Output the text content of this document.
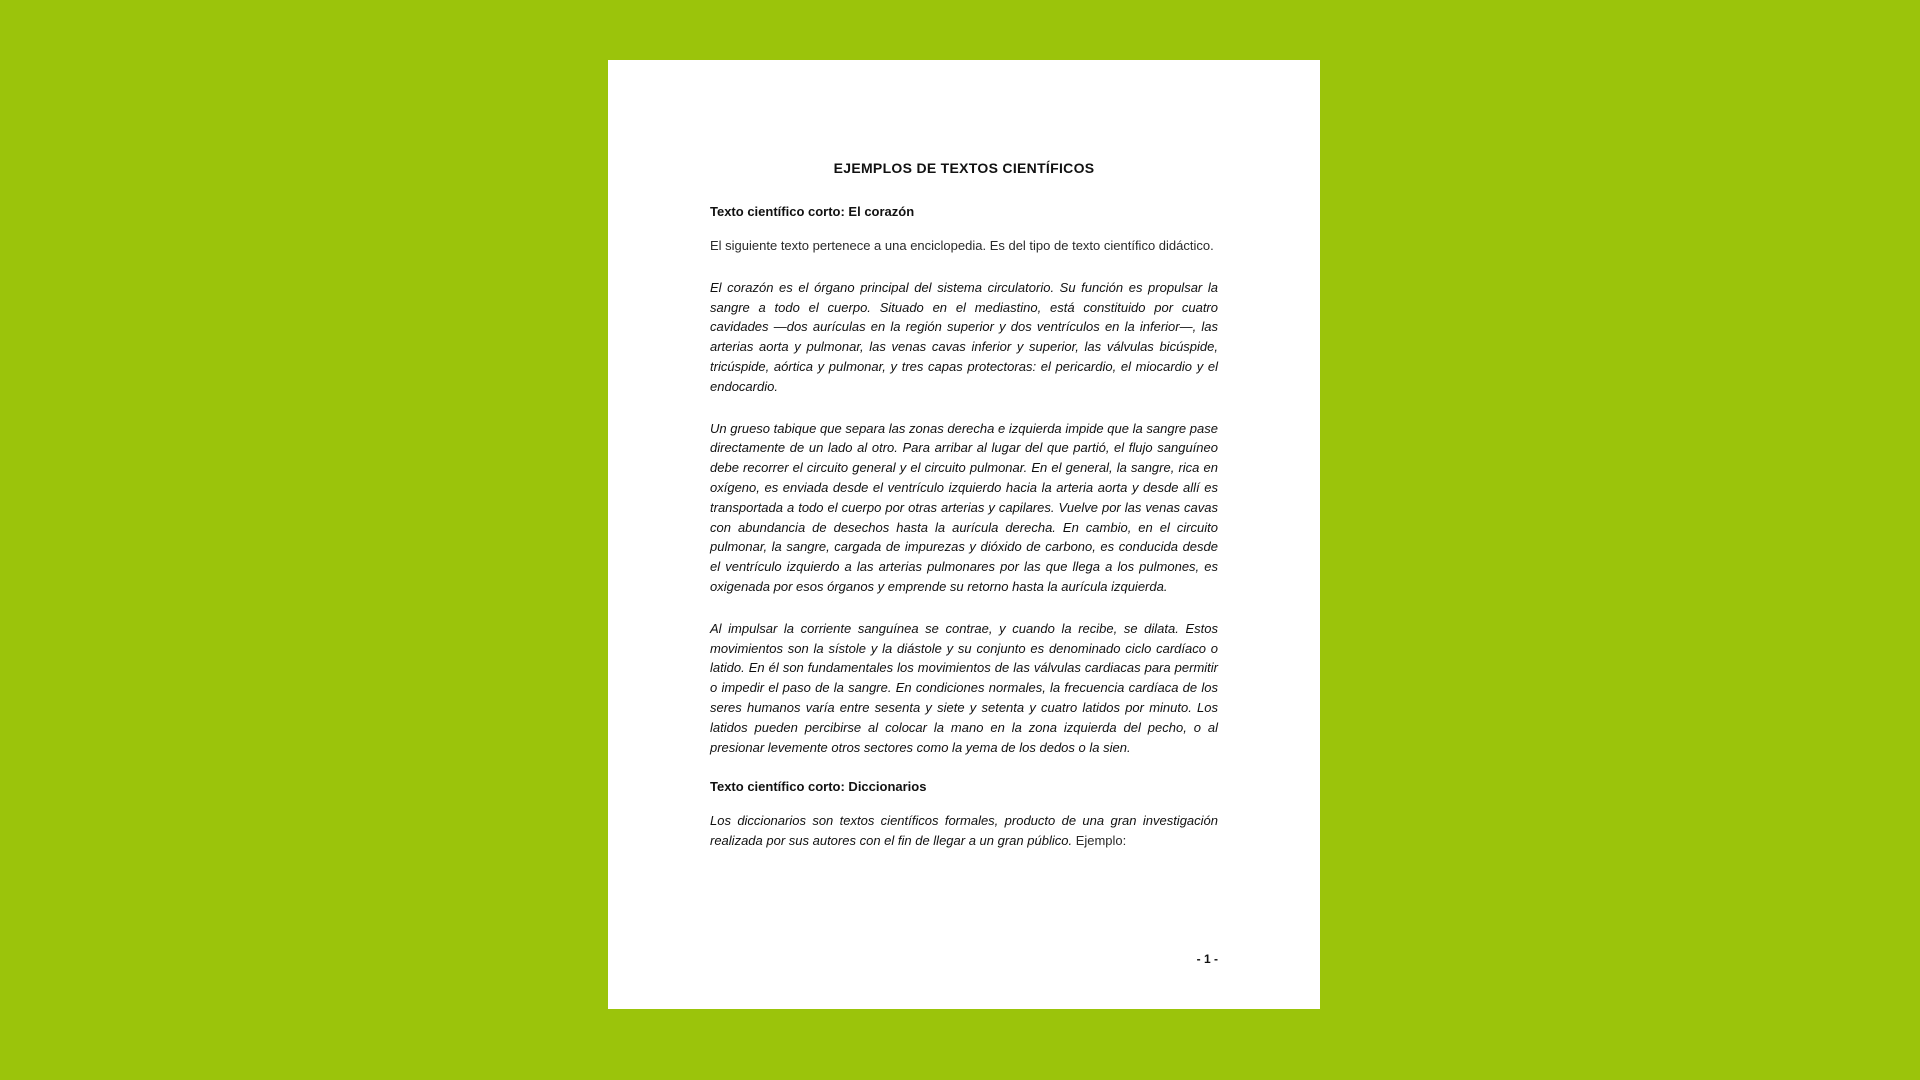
EJEMPLOS DE TEXTOS CIENTÍFICOS
Texto científico corto: El corazón

El siguiente texto pertenece a una enciclopedia. Es del tipo de texto científico didáctico.

El corazón es el órgano principal del sistema circulatorio. Su función es propulsar la sangre a todo el cuerpo. Situado en el mediastino, está constituido por cuatro cavidades —dos aurículas en la región superior y dos ventrículos en la inferior—, las arterias aorta y pulmonar, las venas cavas inferior y superior, las válvulas bicúspide, tricúspide, aórtica y pulmonar, y tres capas protectoras: el pericardio, el miocardio y el endocardio.

Un grueso tabique que separa las zonas derecha e izquierda impide que la sangre pase directamente de un lado al otro. Para arribar al lugar del que partió, el flujo sanguíneo debe recorrer el circuito general y el circuito pulmonar. En el general, la sangre, rica en oxígeno, es enviada desde el ventrículo izquierdo hacia la arteria aorta y desde allí es transportada a todo el cuerpo por otras arterias y capilares. Vuelve por las venas cavas con abundancia de desechos hasta la aurícula derecha. En cambio, en el circuito pulmonar, la sangre, cargada de impurezas y dióxido de carbono, es conducida desde el ventrículo izquierdo a las arterias pulmonares por las que llega a los pulmones, es oxigenada por esos órganos y emprende su retorno hasta la aurícula izquierda.

Al impulsar la corriente sanguínea se contrae, y cuando la recibe, se dilata. Estos movimientos son la sístole y la diástole y su conjunto es denominado ciclo cardíaco o latido. En él son fundamentales los movimientos de las válvulas cardiacas para permitir o impedir el paso de la sangre. En condiciones normales, la frecuencia cardíaca de los seres humanos varía entre sesenta y siete y setenta y cuatro latidos por minuto. Los latidos pueden percibirse al colocar la mano en la zona izquierda del pecho, o al presionar levemente otros sectores como la yema de los dedos o la sien.

Texto científico corto: Diccionarios

Los diccionarios son textos científicos formales, producto de una gran investigación realizada por sus autores con el fin de llegar a un gran público. Ejemplo:

- 1 -
